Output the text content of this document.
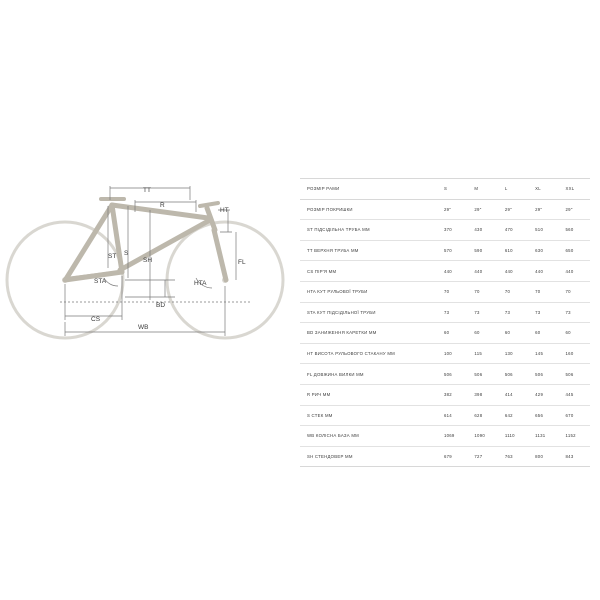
TT
R
HT
ST S
SH	FL
STA	HTA
BD
CS
WB
РОЗМІР РАМИ	S	M	L	XL	XXL
РОЗМІР ПОКРИШКИ	29"	29"	29"	29"	29"
ST ПІДСІДІЛЬНА ТРУБА ММ	370	430	470	510	560
TT ВЕРХНЯ ТРУБА ММ	570	590	610	630	650
CS ПІР'Я ММ	440	440	440	440	440
HTA КУТ РУЛЬОВОЇ ТРУБИ	70	70	70	70	70
STA КУТ ПІДСІДІЛЬНОЇ ТРУБИ	73	73	73	73	73
BD ЗАНИЖЕННЯ КАРЕТКИ ММ	60	60	60	60	60
HT ВИСОТА РУЛЬОВОГО СТАКАНУ ММ	100	115	130	145	160
FL ДОВЖИНА ВИЛКИ ММ	506	506	506	506	506
R РИЧ ММ	382	398	414	429	445
S СТЕК ММ	614	628	642	656	670
WB КОЛІСНА БАЗА ММ	1069	1090	1110	1131	1152
SH СТЕНДОВЕР ММ	679	727	763	800	843
